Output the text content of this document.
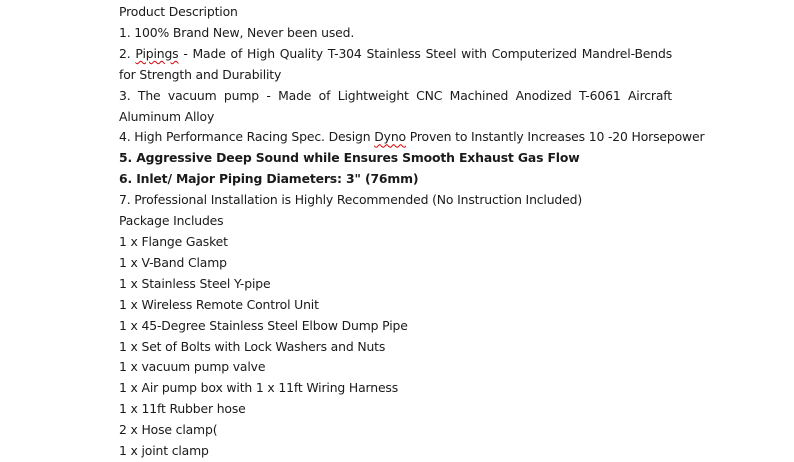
Product Description
1. 100% Brand New, Never been used.
2. Pipings - Made of High Quality T-304 Stainless Steel with Computerized Mandrel-Bends for Strength and Durability
3. The vacuum pump - Made of Lightweight CNC Machined Anodized T-6061 Aircraft Aluminum Alloy
4. High Performance Racing Spec. Design Dyno Proven to Instantly Increases 10 -20 Horsepower
5. Aggressive Deep Sound while Ensures Smooth Exhaust Gas Flow
6. Inlet/ Major Piping Diameters: 3" (76mm)
7. Professional Installation is Highly Recommended (No Instruction Included)
Package Includes
1 x Flange Gasket
1 x V-Band Clamp
1 x Stainless Steel Y-pipe
1 x Wireless Remote Control Unit
1 x 45-Degree Stainless Steel Elbow Dump Pipe
1 x Set of Bolts with Lock Washers and Nuts
1 x vacuum pump valve
1 x Air pump box with 1 x 11ft Wiring Harness
1 x 11ft Rubber hose
2 x Hose clamp(
1 x joint clamp
